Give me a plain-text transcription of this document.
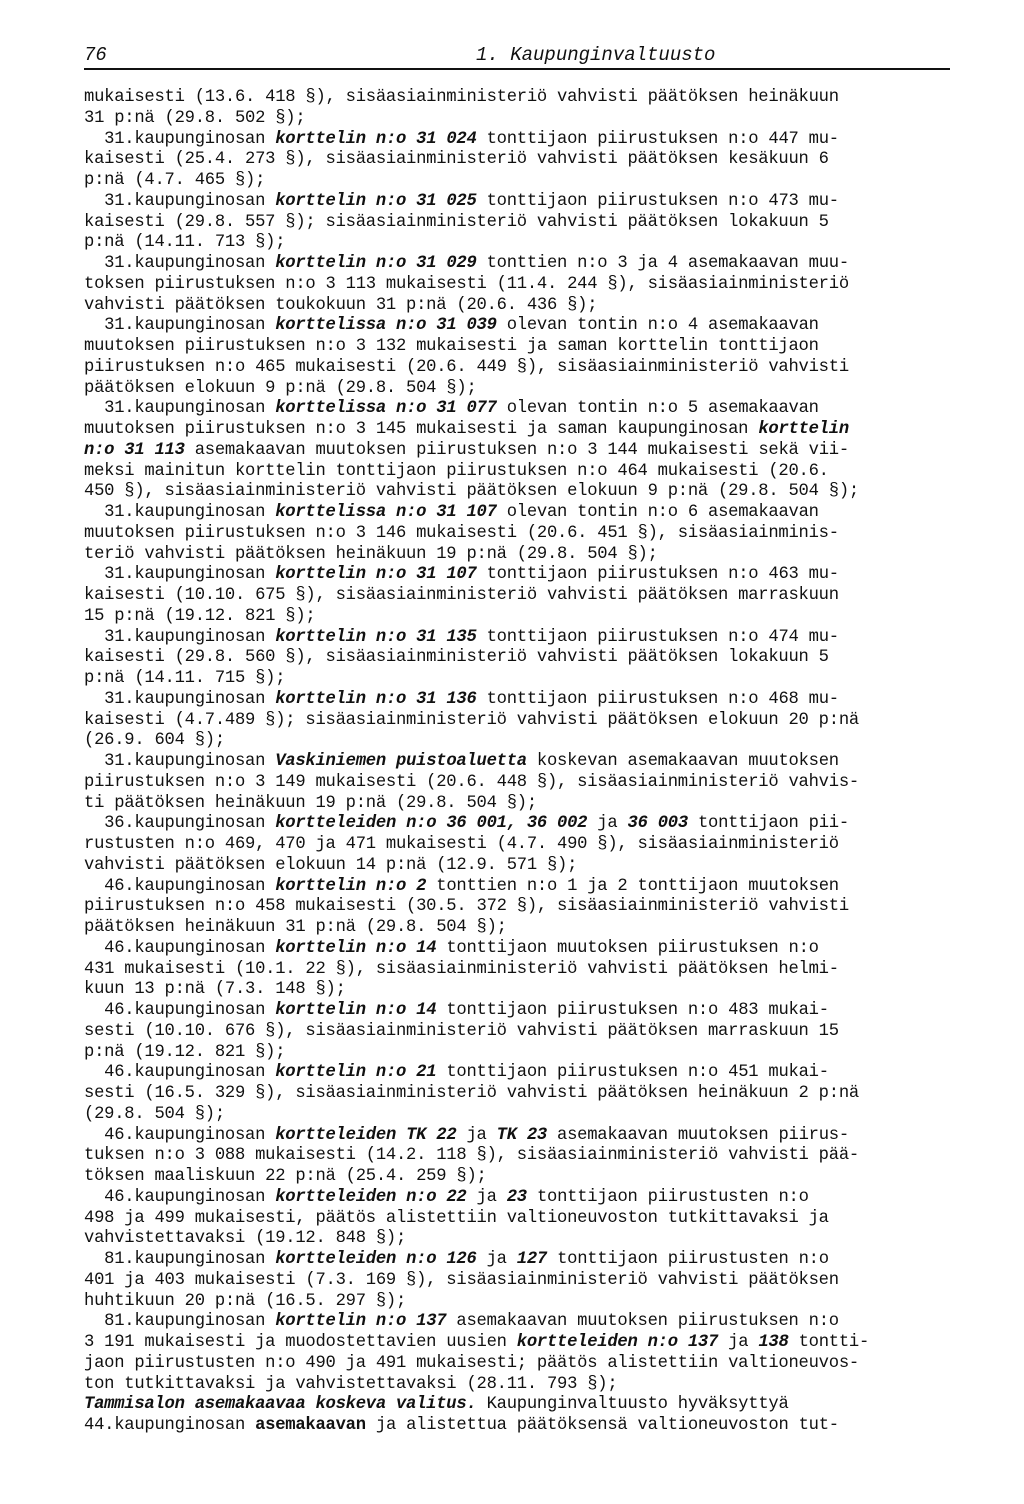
76	1. Kaupunginvaltuusto
mukaisesti (13.6. 418 §), sisäasiainministeriö vahvisti päätöksen heinäkuun
31 p:nä (29.8. 502 §);
31.kaupunginosan korttelin n:o 31 024 tonttijaon piirustuksen n:o 447 mu-
kaisesti (25.4. 273 §), sisäasiainministeriö vahvisti päätöksen kesäkuun 6
p:nä (4.7. 465 §);
31.kaupunginosan korttelin n:o 31 025 tonttijaon piirustuksen n:o 473 mu-
kaisesti (29.8. 557 §); sisäasiainministeriö vahvisti päätöksen lokakuun 5
p:nä (14.11. 713 §);
31.kaupunginosan korttelin n:o 31 029 tonttien n:o 3 ja 4 asemakaavan muu-
toksen piirustuksen n:o 3 113 mukaisesti (11.4. 244 §), sisäasiainministeriö
vahvisti päätöksen toukokuun 31 p:nä (20.6. 436 §);
31.kaupunginosan korttelissa n:o 31 039 olevan tontin n:o 4 asemakaavan
muutoksen piirustuksen n:o 3 132 mukaisesti ja saman korttelin tonttijaon
piirustuksen n:o 465 mukaisesti (20.6. 449 §), sisäasiainministeriö vahvisti
päätöksen elokuun 9 p:nä (29.8. 504 §);
31.kaupunginosan korttelissa n:o 31 077 olevan tontin n:o 5 asemakaavan
muutoksen piirustuksen n:o 3 145 mukaisesti ja saman kaupunginosan korttelin
n:o 31 113 asemakaavan muutoksen piirustuksen n:o 3 144 mukaisesti sekä vii-
meksi mainitun korttelin tonttijaon piirustuksen n:o 464 mukaisesti (20.6.
450 §), sisäasiainministeriö vahvisti päätöksen elokuun 9 p:nä (29.8. 504 §);
31.kaupunginosan korttelissa n:o 31 107 olevan tontin n:o 6 asemakaavan
muutoksen piirustuksen n:o 3 146 mukaisesti (20.6. 451 §), sisäasiainminis-
teriö vahvisti päätöksen heinäkuun 19 p:nä (29.8. 504 §);
31.kaupunginosan korttelin n:o 31 107 tonttijaon piirustuksen n:o 463 mu-
kaisesti (10.10. 675 §), sisäasiainministeriö vahvisti päätöksen marraskuun
15 p:nä (19.12. 821 §);
31.kaupunginosan korttelin n:o 31 135 tonttijaon piirustuksen n:o 474 mu-
kaisesti (29.8. 560 §), sisäasiainministeriö vahvisti päätöksen lokakuun 5
p:nä (14.11. 715 §);
31.kaupunginosan korttelin n:o 31 136 tonttijaon piirustuksen n:o 468 mu-
kaisesti (4.7.489 §); sisäasiainministeriö vahvisti päätöksen elokuun 20 p:nä
(26.9. 604 §);
31.kaupunginosan Vaskiniemen puistoaluetta koskevan asemakaavan muutoksen
piirustuksen n:o 3 149 mukaisesti (20.6. 448 §), sisäasiainministeriö vahvis-
ti päätöksen heinäkuun 19 p:nä (29.8. 504 §);
36.kaupunginosan kortteleiden n:o 36 001, 36 002 ja 36 003 tonttijaon pii-
rustusten n:o 469, 470 ja 471 mukaisesti (4.7. 490 §), sisäasiainministeriö
vahvisti päätöksen elokuun 14 p:nä (12.9. 571 §);
46.kaupunginosan korttelin n:o 2 tonttien n:o 1 ja 2 tonttijaon muutoksen
piirustuksen n:o 458 mukaisesti (30.5. 372 §), sisäasiainministeriö vahvisti
päätöksen heinäkuun 31 p:nä (29.8. 504 §);
46.kaupunginosan korttelin n:o 14 tonttijaon muutoksen piirustuksen n:o
431 mukaisesti (10.1. 22 §), sisäasiainministeriö vahvisti päätöksen helmi-
kuun 13 p:nä (7.3. 148 §);
46.kaupunginosan korttelin n:o 14 tonttijaon piirustuksen n:o 483 mukai-
sesti (10.10. 676 §), sisäasiainministeriö vahvisti päätöksen marraskuun 15
p:nä (19.12. 821 §);
46.kaupunginosan korttelin n:o 21 tonttijaon piirustuksen n:o 451 mukai-
sesti (16.5. 329 §), sisäasiainministeriö vahvisti päätöksen heinäkuun 2 p:nä
(29.8. 504 §);
46.kaupunginosan kortteleiden TK 22 ja TK 23 asemakaavan muutoksen piirus-
tuksen n:o 3 088 mukaisesti (14.2. 118 §), sisäasiainministeriö vahvisti pää-
töksen maaliskuun 22 p:nä (25.4. 259 §);
46.kaupunginosan kortteleiden n:o 22 ja 23 tonttijaon piirustusten n:o
498 ja 499 mukaisesti, päätös alistettiin valtioneuvoston tutkittavaksi ja
vahvistettavaksi (19.12. 848 §);
81.kaupunginosan kortteleiden n:o 126 ja 127 tonttijaon piirustusten n:o
401 ja 403 mukaisesti (7.3. 169 §), sisäasiainministeriö vahvisti päätöksen
huhtikuun 20 p:nä (16.5. 297 §);
81.kaupunginosan korttelin n:o 137 asemakaavan muutoksen piirustuksen n:o
3 191 mukaisesti ja muodostettavien uusien kortteleiden n:o 137 ja 138 tontti-
jaon piirustusten n:o 490 ja 491 mukaisesti; päätös alistettiin valtioneuvos-
ton tutkittavaksi ja vahvistettavaksi (28.11. 793 §);
Tammisalon asemakaavaa koskeva valitus. Kaupunginvaltuusto hyväksyttyä
44.kaupunginosan asemakaavan ja alistettua päätöksensä valtioneuvoston tut-
